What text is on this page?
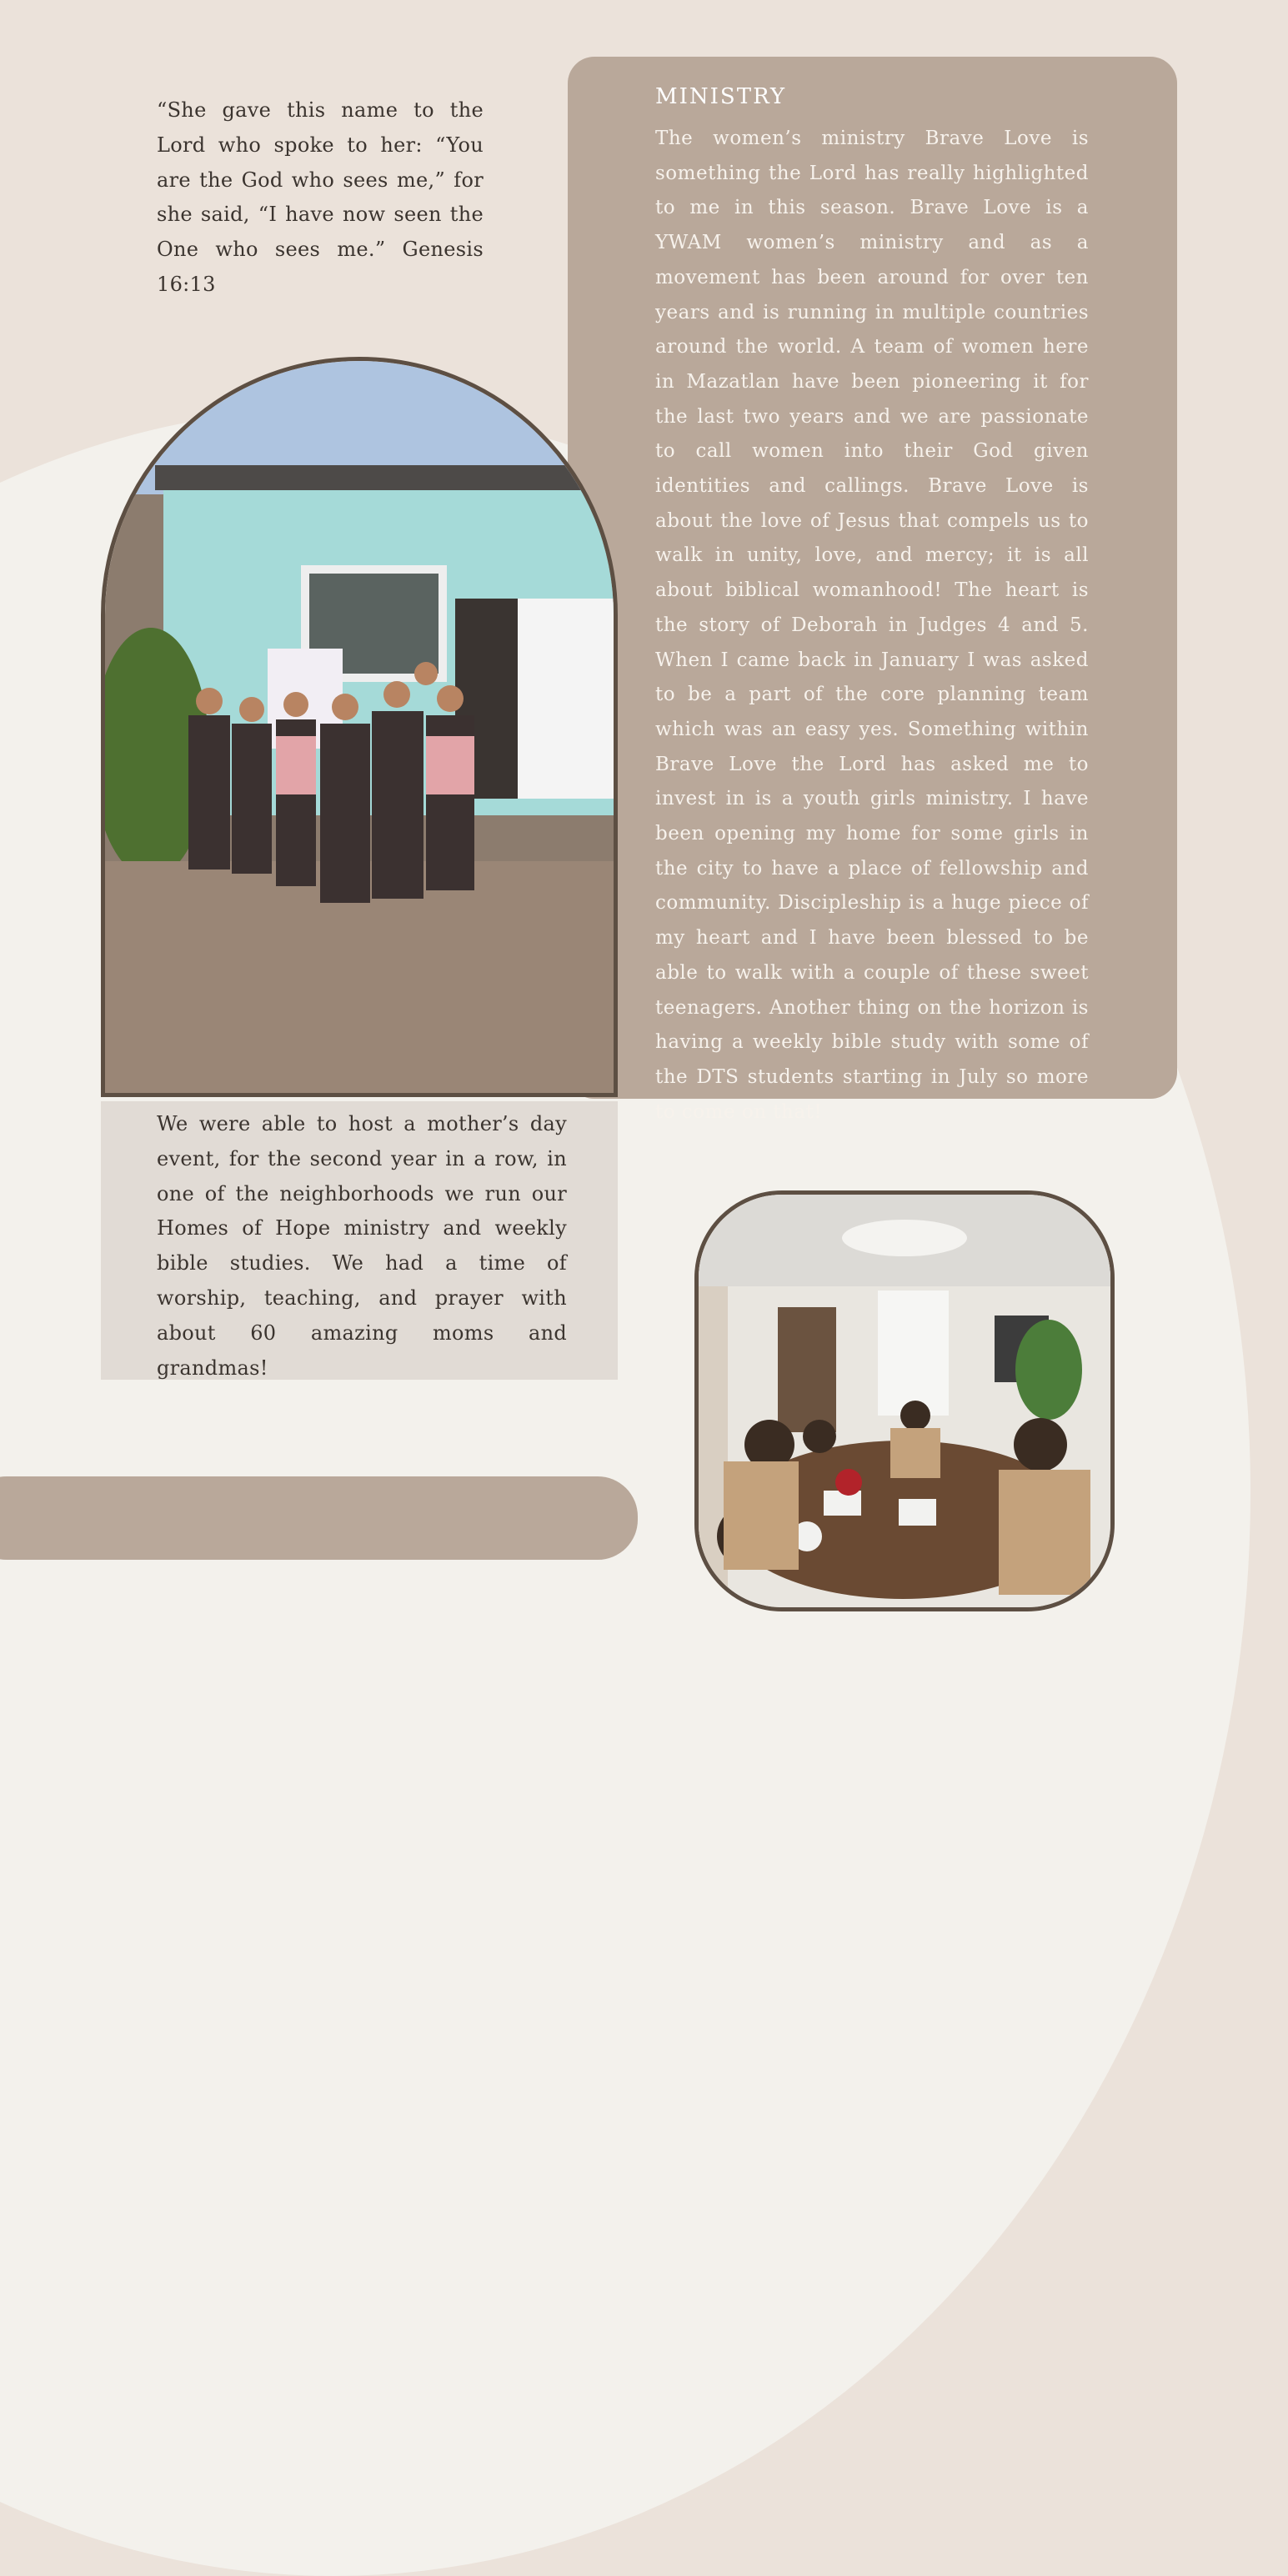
“She gave this name to the Lord who spoke to her: “You are the God who sees me,” for she said, “I have now seen the One who sees me.” Genesis 16:13
MINISTRY
The women’s ministry Brave Love is something the Lord has really highlighted to me in this season. Brave Love is a YWAM women’s ministry and as a movement has been around for over ten years and is running in multiple countries around the world. A team of women here in Mazatlan have been pioneering it for the last two years and we are passionate to call women into their God given identities and callings. Brave Love is about the love of Jesus that compels us to walk in unity, love, and mercy; it is all about biblical womanhood! The heart is the story of Deborah in Judges 4 and 5. When I came back in January I was asked to be a part of the core planning team which was an easy yes. Something within Brave Love the Lord has asked me to invest in is a youth girls ministry. I have been opening my home for some girls in the city to have a place of fellowship and community. Discipleship is a huge piece of my heart and I have been blessed to be able to walk with a couple of these sweet teenagers. Another thing on the horizon is having a weekly bible study with some of the DTS students starting in July so more to come on that!
We were able to host a mother’s day event, for the second year in a row, in one of the neighborhoods we run our Homes of Hope ministry and weekly bible studies. We had a time of worship, teaching, and prayer with about 60 amazing moms and grandmas!
